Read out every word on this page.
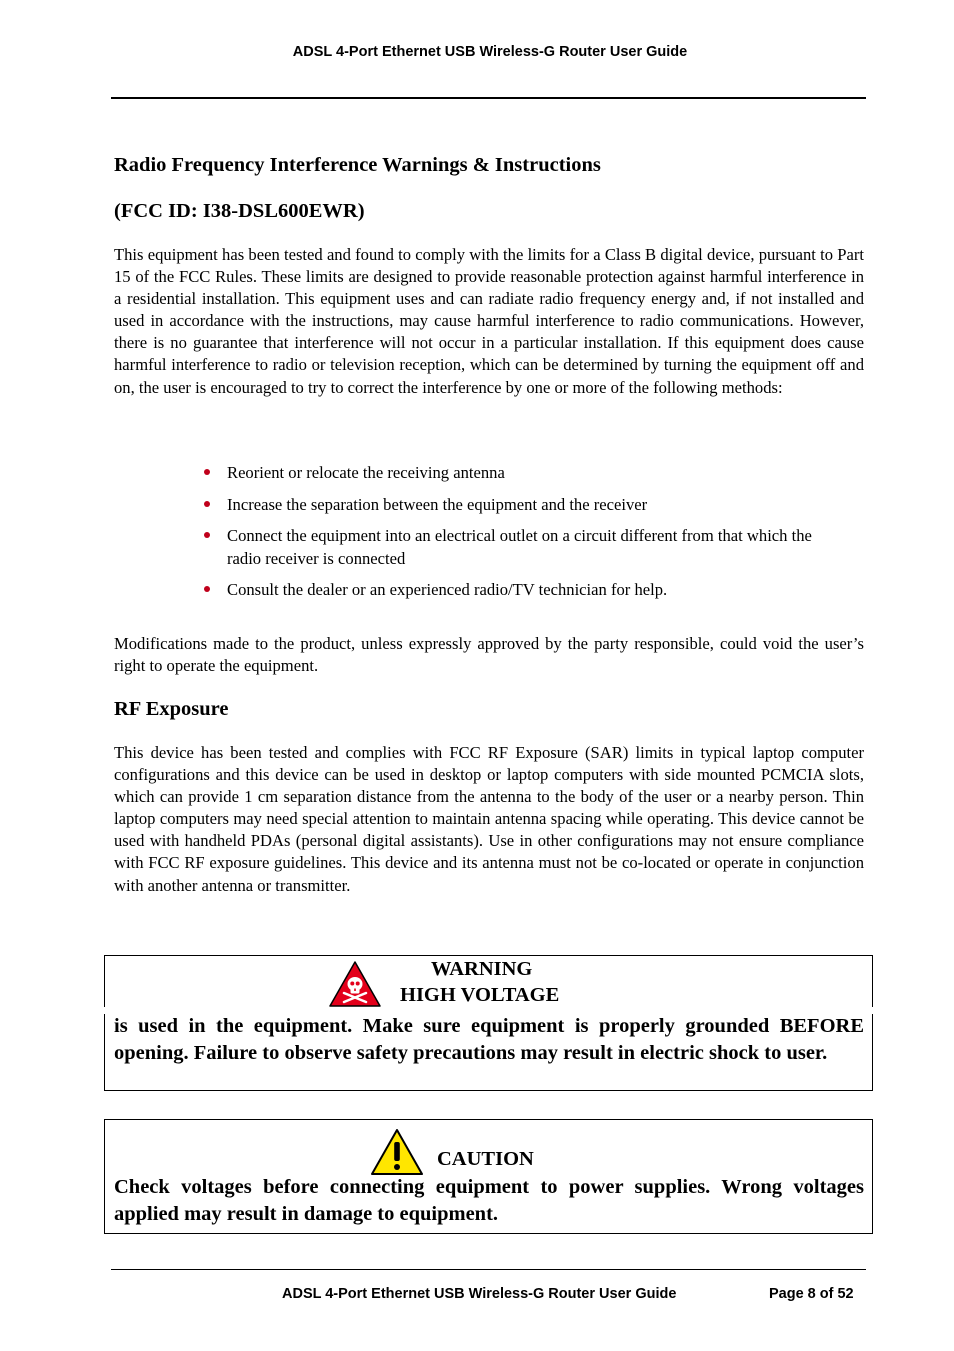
ADSL 4-Port Ethernet USB Wireless-G Router User Guide
Radio Frequency Interference Warnings & Instructions
(FCC ID: I38-DSL600EWR)
This equipment has been tested and found to comply with the limits for a Class B digital device, pursuant to Part 15 of the FCC Rules. These limits are designed to provide reasonable protection against harmful interference in a residential installation. This equipment uses and can radiate radio frequency energy and, if not installed and used in accordance with the instructions, may cause harmful interference to radio communications. However, there is no guarantee that interference will not occur in a particular installation. If this equipment does cause harmful interference to radio or television reception, which can be determined by turning the equipment off and on, the user is encouraged to try to correct the interference by one or more of the following methods:
Reorient or relocate the receiving antenna
Increase the separation between the equipment and the receiver
Connect the equipment into an electrical outlet on a circuit different from that which the radio receiver is connected
Consult the dealer or an experienced radio/TV technician for help.
Modifications made to the product, unless expressly approved by the party responsible, could void the user’s right to operate the equipment.
RF Exposure
This device has been tested and complies with FCC RF Exposure (SAR) limits in typical laptop computer configurations and this device can be used in desktop or laptop computers with side mounted PCMCIA slots, which can provide 1 cm separation distance from the antenna to the body of the user or a nearby person. Thin laptop computers may need special attention to maintain antenna spacing while operating. This device cannot be used with handheld PDAs (personal digital assistants). Use in other configurations may not ensure compliance with FCC RF exposure guidelines. This device and its antenna must not be co-located or operate in conjunction with another antenna or transmitter.
WARNING
HIGH VOLTAGE
is used in the equipment. Make sure equipment is properly grounded BEFORE opening. Failure to observe safety precautions may result in electric shock to user.
CAUTION
Check voltages before connecting equipment to power supplies. Wrong voltages applied may result in damage to equipment.
ADSL 4-Port Ethernet USB Wireless-G Router User Guide	Page 8 of 52
